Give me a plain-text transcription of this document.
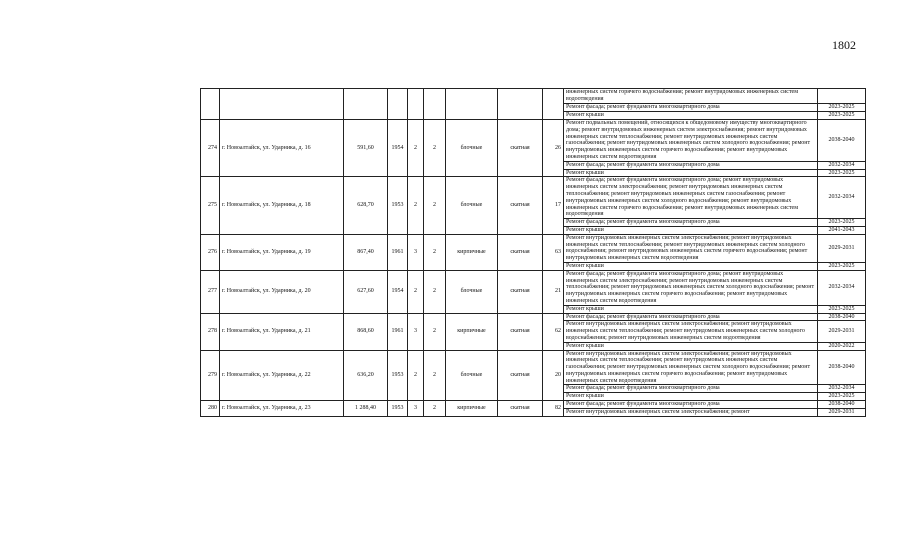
1802
									инженерных систем горячего водоснабжения; ремонт внутридомовых инженерных систем водоотведения	
									Ремонт фасада; ремонт фундамента многоквартирного дома	2023-2025
									Ремонт крыши	2023-2025
274	г. Новоалтайск, ул. Ударника, д. 16	591,60	1954	2	2	блочные	скатная	26	Ремонт подвальных помещений, относящихся к общедомовому имуществу многоквартирного дома; ремонт внутридомовых инженерных систем электроснабжения; ремонт внутридомовых инженерных систем теплоснабжения; ремонт внутридомовых инженерных систем газоснабжения; ремонт внутридомовых инженерных систем холодного водоснабжения; ремонт внутридомовых инженерных систем горячего водоснабжения; ремонт внутридомовых инженерных систем водоотведения	2038-2040
									Ремонт фасада; ремонт фундамента многоквартирного дома	2032-2034
									Ремонт крыши	2023-2025
275	г. Новоалтайск, ул. Ударника, д. 18	628,70	1953	2	2	блочные	скатная	17	Ремонт фасада; ремонт фундамента многоквартирного дома; ремонт внутридомовых инженерных систем электроснабжения; ремонт внутридомовых инженерных систем теплоснабжения; ремонт внутридомовых инженерных систем газоснабжения; ремонт внутридомовых инженерных систем холодного водоснабжения; ремонт внутридомовых инженерных систем горячего водоснабжения; ремонт внутридомовых инженерных систем водоотведения	2032-2034
									Ремонт фасада; ремонт фундамента многоквартирного дома	2023-2025
									Ремонт крыши	2041-2043
276	г. Новоалтайск, ул. Ударника, д. 19	867,40	1961	3	2	кирпичные	скатная	63	Ремонт внутридомовых инженерных систем электроснабжения; ремонт внутридомовых инженерных систем теплоснабжения; ремонт внутридомовых инженерных систем холодного водоснабжения; ремонт внутридомовых инженерных систем горячего водоснабжения; ремонт внутридомовых инженерных систем водоотведения	2029-2031
									Ремонт крыши	2023-2025
277	г. Новоалтайск, ул. Ударника, д. 20	627,60	1954	2	2	блочные	скатная	21	Ремонт фасада; ремонт фундамента многоквартирного дома; ремонт внутридомовых инженерных систем электроснабжения; ремонт внутридомовых инженерных систем теплоснабжения; ремонт внутридомовых инженерных систем холодного водоснабжения; ремонт внутридомовых инженерных систем горячего водоснабжения; ремонт внутридомовых инженерных систем водоотведения	2032-2034
									Ремонт крыши	2023-2025
278	г. Новоалтайск, ул. Ударника, д. 21	868,60	1961	3	2	кирпичные	скатная	62	Ремонт фасада; ремонт фундамента многоквартирного дома	2038-2040
									Ремонт внутридомовых инженерных систем электроснабжения; ремонт внутридомовых инженерных систем теплоснабжения; ремонт внутридомовых инженерных систем холодного водоснабжения; ремонт внутридомовых инженерных систем водоотведения	2029-2031
									Ремонт крыши	2020-2022
279	г. Новоалтайск, ул. Ударника, д. 22	636,20	1953	2	2	блочные	скатная	20	Ремонт внутридомовых инженерных систем электроснабжения; ремонт внутридомовых инженерных систем теплоснабжения; ремонт внутридомовых инженерных систем газоснабжения; ремонт внутридомовых инженерных систем холодного водоснабжения; ремонт внутридомовых инженерных систем горячего водоснабжения; ремонт внутридомовых инженерных систем водоотведения	2038-2040
									Ремонт фасада; ремонт фундамента многоквартирного дома	2032-2034
									Ремонт крыши	2023-2025
280	г. Новоалтайск, ул. Ударника, д. 23	1 288,40	1953	3	2	кирпичные	скатная	82	Ремонт фасада; ремонт фундамента многоквартирного дома	2038-2040
									Ремонт внутридомовых инженерных систем электроснабжения; ремонт	2029-2031
